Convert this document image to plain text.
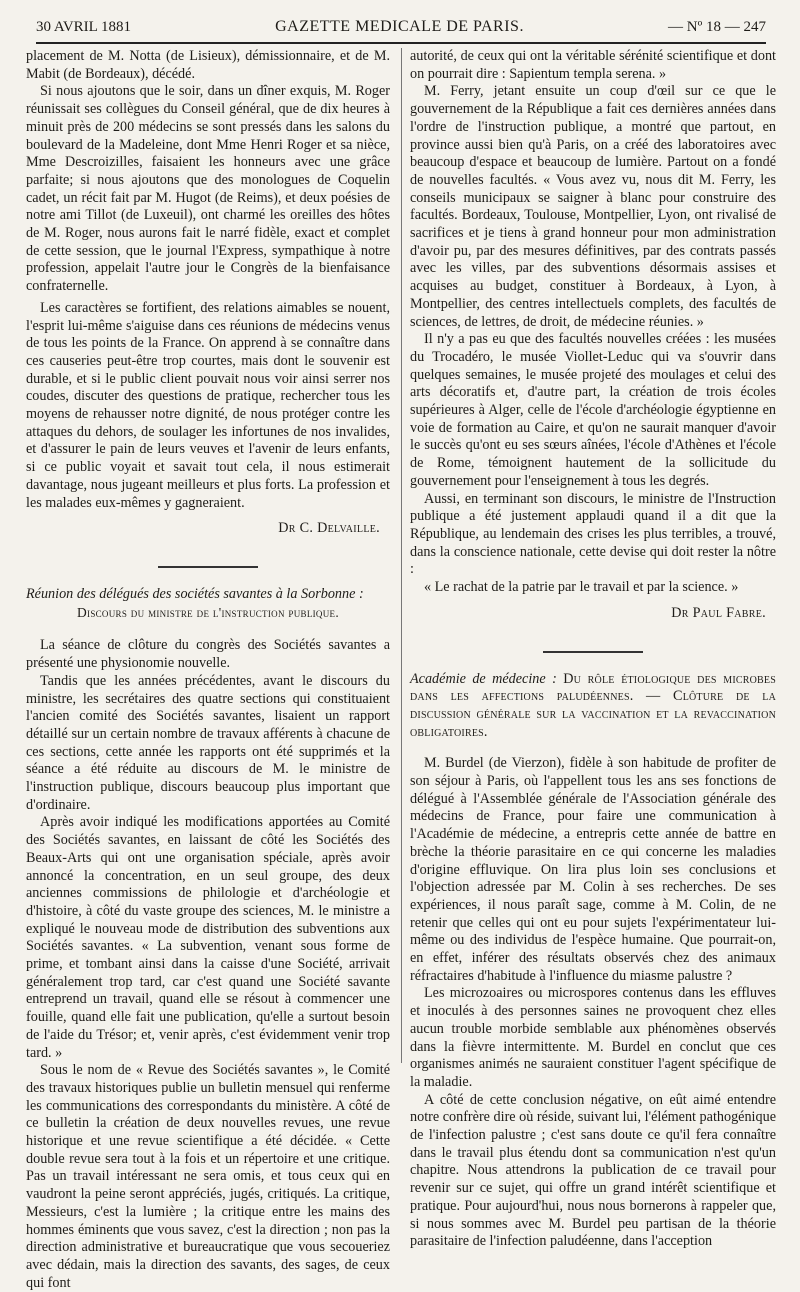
30 AVRIL 1881	GAZETTE MEDICALE DE PARIS.	— Nº 18 — 247

placement de M. Notta (de Lisieux), démissionnaire, et de M. Mabit (de Bordeaux), décédé.

Si nous ajoutons que le soir, dans un dîner exquis, M. Roger réunissait ses collègues du Conseil général, que de dix heures à minuit près de 200 médecins se sont pressés dans les salons du boulevard de la Madeleine, dont Mme Henri Roger et sa nièce, Mme Descroizilles, faisaient les honneurs avec une grâce parfaite; si nous ajoutons que des monologues de Coquelin cadet, un récit fait par M. Hugot (de Reims), et deux poésies de notre ami Tillot (de Luxeuil), ont charmé les oreilles des hôtes de M. Roger, nous aurons fait le narré fidèle, exact et complet de cette session, que le journal l'Express, sympathique à notre profession, appelait l'autre jour le Congrès de la bienfaisance confraternelle.

Les caractères se fortifient, des relations aimables se nouent, l'esprit lui-même s'aiguise dans ces réunions de médecins venus de tous les points de la France. On apprend à se connaître dans ces causeries peut-être trop courtes, mais dont le souvenir est durable, et si le public client pouvait nous voir ainsi serrer nos coudes, discuter des questions de pratique, rechercher tous les moyens de rehausser notre dignité, de nous protéger contre les attaques du dehors, de soulager les infortunes de nos invalides, et d'assurer le pain de leurs veuves et l'avenir de leurs enfants, si ce public voyait et savait tout cela, il nous estimerait davantage, nous jugeant meilleurs et plus forts. La profession et les malades eux-mêmes y gagneraient.

Dr C. Delvaille.

Réunion des délégués des sociétés savantes à la Sorbonne :

Discours du ministre de l'instruction publique.

La séance de clôture du congrès des Sociétés savantes a présenté une physionomie nouvelle.

Tandis que les années précédentes, avant le discours du ministre, les secrétaires des quatre sections qui constituaient l'ancien comité des Sociétés savantes, lisaient un rapport détaillé sur un certain nombre de travaux afférents à chacune de ces sections, cette année les rapports ont été supprimés et la séance a été réduite au discours de M. le ministre de l'instruction publique, discours beaucoup plus important que d'ordinaire.

Après avoir indiqué les modifications apportées au Comité des Sociétés savantes, en laissant de côté les Sociétés des Beaux-Arts qui ont une organisation spéciale, après avoir annoncé la concentration, en un seul groupe, des deux anciennes commissions de philologie et d'archéologie et d'histoire, à côté du vaste groupe des sciences, M. le ministre a expliqué le nouveau mode de distribution des subventions aux Sociétés savantes. « La subvention, venant sous forme de prime, et tombant ainsi dans la caisse d'une Société, arrivait généralement trop tard, car c'est quand une Société savante entreprend un travail, quand elle se résout à commencer une fouille, quand elle fait une publication, qu'elle a surtout besoin de l'aide du Trésor; et, venir après, c'est évidemment venir trop tard. »

Sous le nom de « Revue des Sociétés savantes », le Comité des travaux historiques publie un bulletin mensuel qui renferme les communications des correspondants du ministère. A côté de ce bulletin la création de deux nouvelles revues, une revue historique et une revue scientifique a été décidée. « Cette double revue sera tout à la fois et un répertoire et une critique. Pas un travail intéressant ne sera omis, et tous ceux qui en vaudront la peine seront appréciés, jugés, critiqués. La critique, Messieurs, c'est la lumière ; la critique entre les mains des hommes éminents que vous savez, c'est la direction ; non pas la direction administrative et bureaucratique que vous secoueriez avec dédain, mais la direction des savants, des sages, de ceux qui font

autorité, de ceux qui ont la véritable sérénité scientifique et dont on pourrait dire : Sapientum templa serena. »

M. Ferry, jetant ensuite un coup d'œil sur ce que le gouvernement de la République a fait ces dernières années dans l'ordre de l'instruction publique, a montré que partout, en province aussi bien qu'à Paris, on a créé des laboratoires avec beaucoup d'espace et beaucoup de lumière. Partout on a fondé de nouvelles facultés. « Vous avez vu, nous dit M. Ferry, les conseils municipaux se saigner à blanc pour construire des facultés. Bordeaux, Toulouse, Montpellier, Lyon, ont rivalisé de sacrifices et je tiens à grand honneur pour mon administration d'avoir pu, par des mesures définitives, par des contrats passés avec les villes, par des subventions désormais assises et acquises au budget, constituer à Bordeaux, à Lyon, à Montpellier, des centres intellectuels complets, des facultés de sciences, de lettres, de droit, de médecine réunies. »

Il n'y a pas eu que des facultés nouvelles créées : les musées du Trocadéro, le musée Viollet-Leduc qui va s'ouvrir dans quelques semaines, le musée projeté des moulages et celui des arts décoratifs et, d'autre part, la création de trois écoles supérieures à Alger, celle de l'école d'archéologie égyptienne en voie de formation au Caire, et qu'on ne saurait manquer d'avoir le succès qu'ont eu ses sœurs aînées, l'école d'Athènes et l'école de Rome, témoignent hautement de la sollicitude du gouvernement pour l'enseignement à tous les degrés.

Aussi, en terminant son discours, le ministre de l'Instruction publique a été justement applaudi quand il a dit que la République, au lendemain des crises les plus terribles, a trouvé, dans la conscience nationale, cette devise qui doit rester la nôtre :

« Le rachat de la patrie par le travail et par la science. »

Dr Paul Fabre.

Académie de médecine : Du rôle étiologique des microbes dans les affections paludéennes. — Clôture de la discussion générale sur la vaccination et la revaccination obligatoires.

M. Burdel (de Vierzon), fidèle à son habitude de profiter de son séjour à Paris, où l'appellent tous les ans ses fonctions de délégué à l'Assemblée générale de l'Association générale des médecins de France, pour faire une communication à l'Académie de médecine, a entrepris cette année de battre en brèche la théorie parasitaire en ce qui concerne les maladies d'origine effluvique. On lira plus loin ses conclusions et l'objection adressée par M. Colin à ses recherches. De ses expériences, il nous paraît sage, comme à M. Colin, de ne retenir que celles qui ont eu pour sujets l'expérimentateur lui-même ou des individus de l'espèce humaine. Que pourrait-on, en effet, inférer des résultats observés chez des animaux réfractaires d'habitude à l'influence du miasme palustre ?

Les microzoaires ou microspores contenus dans les effluves et inoculés à des personnes saines ne provoquent chez elles aucun trouble morbide semblable aux phénomènes observés dans la fièvre intermittente. M. Burdel en conclut que ces organismes animés ne sauraient constituer l'agent spécifique de la maladie.

A côté de cette conclusion négative, on eût aimé entendre notre confrère dire où réside, suivant lui, l'élément pathogénique de l'infection palustre ; c'est sans doute ce qu'il fera connaître dans le travail plus étendu dont sa communication n'est qu'un chapitre. Nous attendrons la publication de ce travail pour revenir sur ce sujet, qui offre un grand intérêt scientifique et pratique. Pour aujourd'hui, nous nous bornerons à rappeler que, si nous sommes avec M. Burdel peu partisan de la théorie parasitaire de l'infection paludéenne, dans l'acception
